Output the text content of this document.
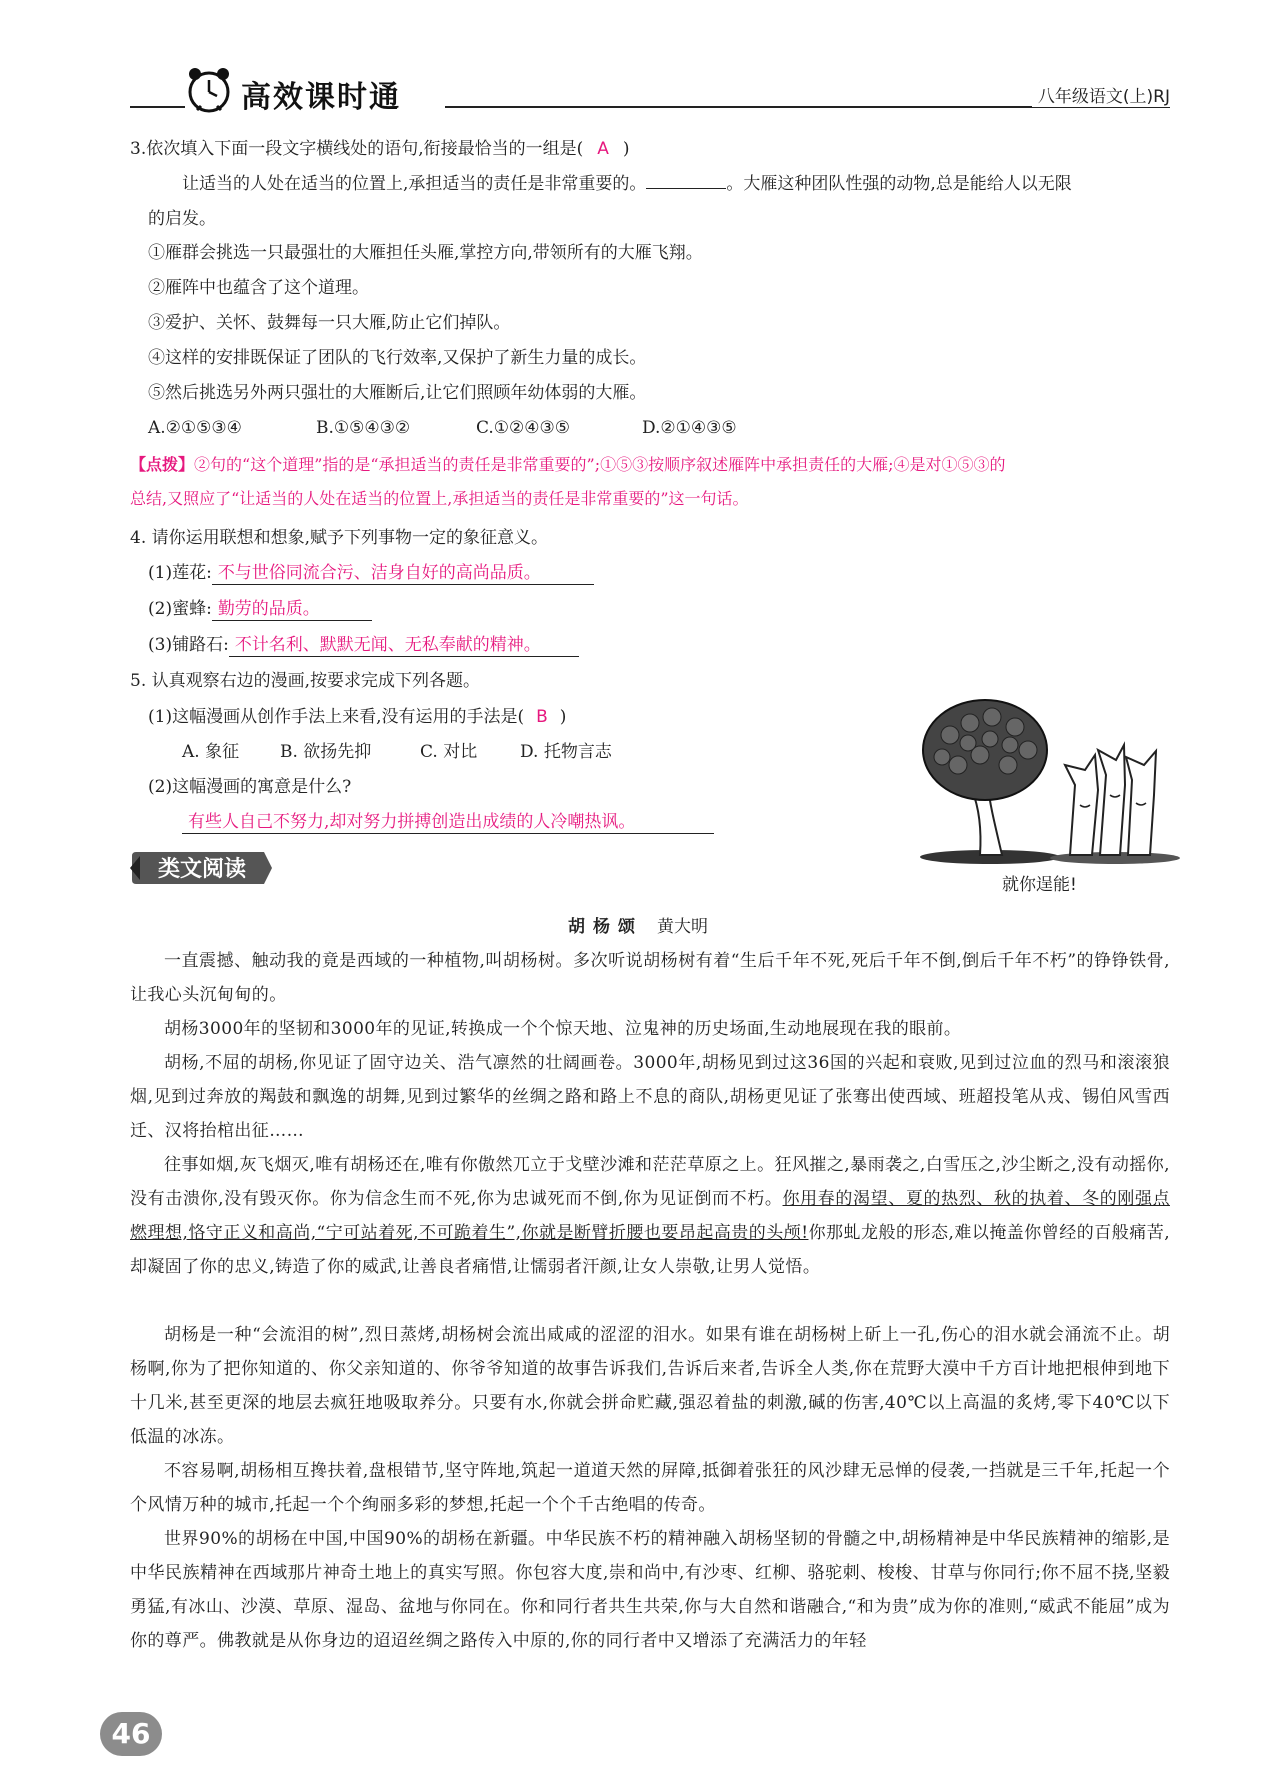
高效课时通	八年级语文(上)RJ
3.依次填入下面一段文字横线处的语句,衔接最恰当的一组是( A )
让适当的人处在适当的位置上,承担适当的责任是非常重要的。	。大雁这种团队性强的动物,总是能给人以无限
的启发。
①雁群会挑选一只最强壮的大雁担任头雁,掌控方向,带领所有的大雁飞翔。
②雁阵中也蕴含了这个道理。
③爱护、关怀、鼓舞每一只大雁,防止它们掉队。
④这样的安排既保证了团队的飞行效率,又保护了新生力量的成长。
⑤然后挑选另外两只强壮的大雁断后,让它们照顾年幼体弱的大雁。
A.②①⑤③④	B.①⑤④③②	C.①②④③⑤	D.②①④③⑤
【点拨】②句的“这个道理”指的是“承担适当的责任是非常重要的”;①⑤③按顺序叙述雁阵中承担责任的大雁;④是对①⑤③的
总结,又照应了“让适当的人处在适当的位置上,承担适当的责任是非常重要的”这一句话。
4. 请你运用联想和想象,赋予下列事物一定的象征意义。
(1)莲花: 不与世俗同流合污、洁身自好的高尚品质。
(2)蜜蜂: 勤劳的品质。
(3)铺路石: 不计名利、默默无闻、无私奉献的精神。
5. 认真观察右边的漫画,按要求完成下列各题。
(1)这幅漫画从创作手法上来看,没有运用的手法是( B )
A. 象征 B. 欲扬先抑	C. 对比	D. 托物言志
(2)这幅漫画的寓意是什么?
有些人自己不努力,却对努力拼搏创造出成绩的人冷嘲热讽。
就你逞能!
类文阅读
胡杨颂 黄大明
一直震撼、触动我的竟是西域的一种植物,叫胡杨树。多次听说胡杨树有着“生后千年不死,死后千年不倒,倒后千年不朽”的铮铮铁骨,让我心头沉甸甸的。
胡杨3000年的坚韧和3000年的见证,转换成一个个惊天地、泣鬼神的历史场面,生动地展现在我的眼前。
胡杨,不屈的胡杨,你见证了固守边关、浩气凛然的壮阔画卷。3000年,胡杨见到过这36国的兴起和衰败,见到过泣血的烈马和滚滚狼烟,见到过奔放的羯鼓和飘逸的胡舞,见到过繁华的丝绸之路和路上不息的商队,胡杨更见证了张骞出使西域、班超投笔从戎、锡伯风雪西迁、汉将抬棺出征……
往事如烟,灰飞烟灭,唯有胡杨还在,唯有你傲然兀立于戈壁沙滩和茫茫草原之上。狂风摧之,暴雨袭之,白雪压之,沙尘断之,没有动摇你,没有击溃你,没有毁灭你。你为信念生而不死,你为忠诚死而不倒,你为见证倒而不朽。你用春的渴望、夏的热烈、秋的执着、冬的刚强点燃理想,恪守正义和高尚,“宁可站着死,不可跪着生”,你就是断臂折腰也要昂起高贵的头颅!你那虬龙般的形态,难以掩盖你曾经的百般痛苦,却凝固了你的忠义,铸造了你的威武,让善良者痛惜,让懦弱者汗颜,让女人崇敬,让男人觉悟。
胡杨是一种“会流泪的树”,烈日蒸烤,胡杨树会流出咸咸的涩涩的泪水。如果有谁在胡杨树上斫上一孔,伤心的泪水就会涌流不止。胡杨啊,你为了把你知道的、你父亲知道的、你爷爷知道的故事告诉我们,告诉后来者,告诉全人类,你在荒野大漠中千方百计地把根伸到地下十几米,甚至更深的地层去疯狂地吸取养分。只要有水,你就会拼命贮藏,强忍着盐的刺激,碱的伤害,40℃以上高温的炙烤,零下40℃以下低温的冰冻。
不容易啊,胡杨相互搀扶着,盘根错节,坚守阵地,筑起一道道天然的屏障,抵御着张狂的风沙肆无忌惮的侵袭,一挡就是三千年,托起一个个风情万种的城市,托起一个个绚丽多彩的梦想,托起一个个千古绝唱的传奇。
世界90%的胡杨在中国,中国90%的胡杨在新疆。中华民族不朽的精神融入胡杨坚韧的骨髓之中,胡杨精神是中华民族精神的缩影,是中华民族精神在西域那片神奇土地上的真实写照。你包容大度,崇和尚中,有沙枣、红柳、骆驼刺、梭梭、甘草与你同行;你不屈不挠,坚毅勇猛,有冰山、沙漠、草原、湿岛、盆地与你同在。你和同行者共生共荣,你与大自然和谐融合,“和为贵”成为你的准则,“威武不能屈”成为你的尊严。佛教就是从你身边的迢迢丝绸之路传入中原的,你的同行者中又增添了充满活力的年轻
46
